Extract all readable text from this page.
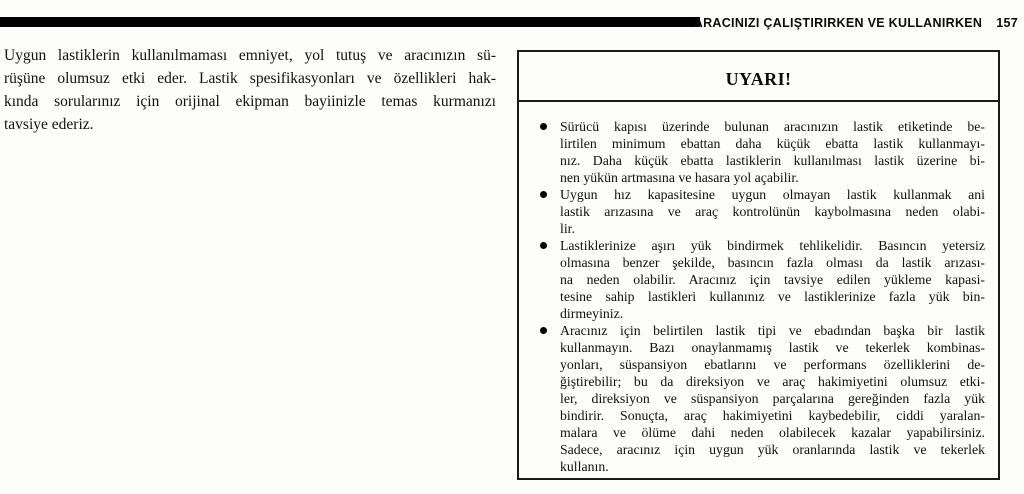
ARACINIZI ÇALIŞTIRIRKEN VE KULLANIRKEN 157
Uygun lastiklerin kullanılmaması emniyet, yol tutuş ve aracınızın sü-
rüşüne olumsuz etki eder. Lastik spesifikasyonları ve özellikleri hak-
kında sorularınız için orijinal ekipman bayiinizle temas kurmanızı
tavsiye ederiz.
UYARI!
Sürücü kapısı üzerinde bulunan aracınızın lastik etiketinde be-
lirtilen minimum ebattan daha küçük ebatta lastik kullanmayı-
nız. Daha küçük ebatta lastiklerin kullanılması lastik üzerine bi-
nen yükün artmasına ve hasara yol açabilir.
Uygun hız kapasitesine uygun olmayan lastik kullanmak ani
lastik arızasına ve araç kontrolünün kaybolmasına neden olabi-
lir.
Lastiklerinize aşırı yük bindirmek tehlikelidir. Basıncın yetersiz
olmasına benzer şekilde, basıncın fazla olması da lastik arızası-
na neden olabilir. Aracınız için tavsiye edilen yükleme kapasi-
tesine sahip lastikleri kullanınız ve lastiklerinize fazla yük bin-
dirmeyiniz.
Aracınız için belirtilen lastik tipi ve ebadından başka bir lastik
kullanmayın. Bazı onaylanmamış lastik ve tekerlek kombinas-
yonları, süspansiyon ebatlarını ve performans özelliklerini de-
ğiştirebilir; bu da direksiyon ve araç hakimiyetini olumsuz etki-
ler, direksiyon ve süspansiyon parçalarına gereğinden fazla yük
bindirir. Sonuçta, araç hakimiyetini kaybedebilir, ciddi yaralan-
malara ve ölüme dahi neden olabilecek kazalar yapabilirsiniz.
Sadece, aracınız için uygun yük oranlarında lastik ve tekerlek
kullanın.
